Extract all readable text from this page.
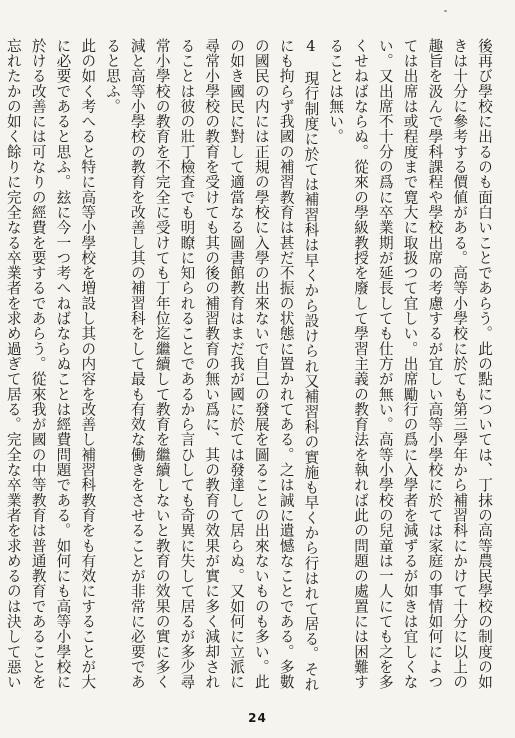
後再び學校に出るのも面白いことであらう。此の點については、丁抹の高等農民學校の制度の如きは十分に參考する價値がある。高等小學校に於ても第三學年から補習科にかけて十分に以上の趣旨を汲んで學科課程や學校出席の考慮するが宜しい高等小學校に於ては家庭の事情如何によつては出席は或程度まで寛大に取扱つて宜しい。出席勵行の爲に入學者を減ずるが如きは宜しくない。又出席不十分の爲に卒業期が延長しても仕方が無い。高等小學校の兒童は一人にても之を多くせねばならぬ。從來の學級教授を廢して學習主義の教育法を執れば此の問題の處置には困難することは無い。
4　現行制度に於ては補習科は早くから設けられ又補習科の實施も早くから行はれて居る。それにも拘らず我國の補習教育は甚だ不振の状態に置かれてある。之は誠に遺憾なことである。多數の國民の内には正規の學校に入學の出來ないで自己の發展を圖ることの出來ないものも多い。此の如き國民に對して適當なる圖書館教育はまだ我が國に於ては發達して居らぬ。又如何に立派に尋常小學校の教育を受けても其の後の補習教育の無い爲に、其の教育の效果が實に多く減却されることは彼の壯丁檢査でも明瞭に知られることであるから言ひしても奇異に失して居るが多少尋常小學校の教育を不完全に受けても丁年位迄繼續して教育を繼續しないと教育の效果の實に多く減と高等小學校の教育を改善し其の補習科をして最も有效な働きをさせることが非常に必要であると思ふ。
此の如く考へると特に高等小學校を増設し其の内容を改善し補習科教育をも有效にすることが大に必要であると思ふ。玆に今一つ考へねばならぬことは經費問題である。如何にも高等小學校に於ける改善には可なりの經費を要するであらう。從來我が國の中等教育は普通教育であることを忘れたかの如く餘りに完全なる卒業者を求め過ぎて居る。完全な卒業者を求めるのは決して惡い
24
